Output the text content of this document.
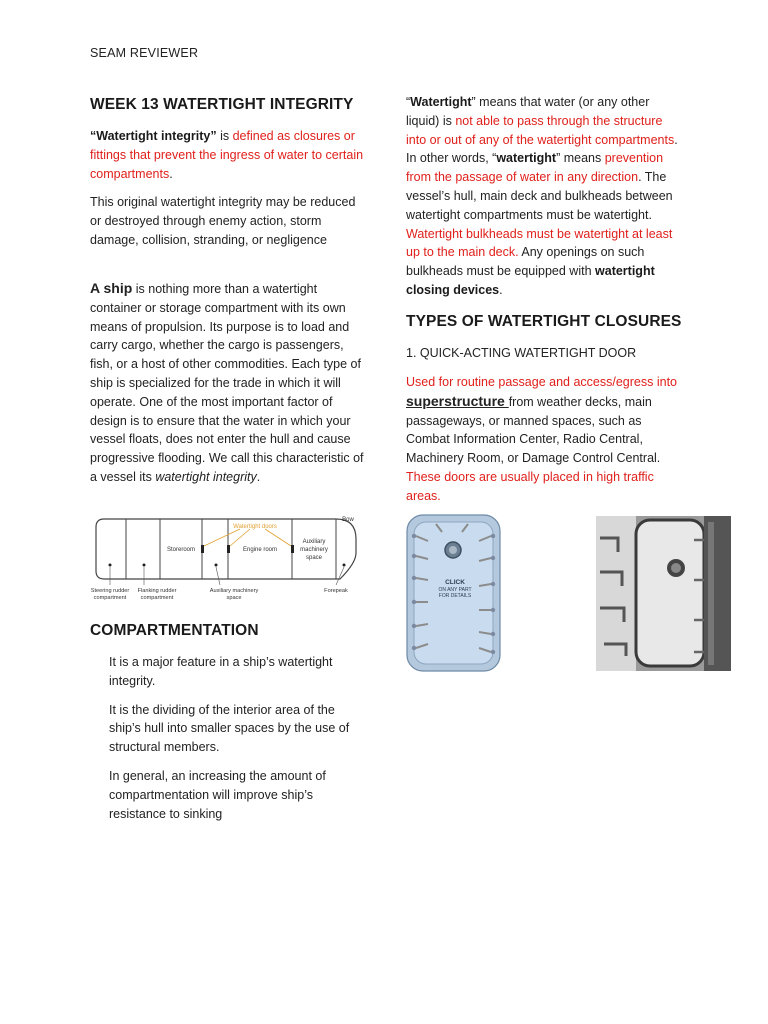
SEAM REVIEWER
WEEK 13 WATERTIGHT INTEGRITY

“Watertight integrity” is defined as closures or fittings that prevent the ingress of water to certain compartments.

This original watertight integrity may be reduced or destroyed through enemy action, storm damage, collision, stranding, or negligence

A ship is nothing more than a watertight container or storage compartment with its own means of propulsion. Its purpose is to load and carry cargo, whether the cargo is passengers, fish, or a host of other commodities. Each type of ship is specialized for the trade in which it will operate. One of the most important factor of design is to ensure that the water in which your vessel floats, does not enter the hull and cause progressive flooding. We call this characteristic of a vessel its watertight integrity.

Watertight doors
Bow
Storeroom	Engine room
Auxiliary
machinery
space
Steering rudder
compartment
Flanking rudder
compartment
Auxiliary machinery
space
Forepeak
COMPARTMENTATION
It is a major feature in a ship’s watertight integrity.
It is the dividing of the interior area of the ship’s hull into smaller spaces by the use of structural members.
In general, an increasing the amount of compartmentation will improve ship’s resistance to sinking

“Watertight” means that water (or any other liquid) is not able to pass through the structure into or out of any of the watertight compartments. In other words, “watertight” means prevention from the passage of water in any direction. The vessel’s hull, main deck and bulkheads between watertight compartments must be watertight. Watertight bulkheads must be watertight at least up to the main deck. Any openings on such bulkheads must be equipped with watertight closing devices.

TYPES OF WATERTIGHT CLOSURES

1. QUICK-ACTING WATERTIGHT DOOR

Used for routine passage and access/egress into superstructure from weather decks, main passageways, or manned spaces, such as Combat Information Center, Radio Central, Machinery Room, or Damage Control Central. These doors are usually placed in high traffic areas.

CLICK
ON ANY PART
FOR DETAILS
